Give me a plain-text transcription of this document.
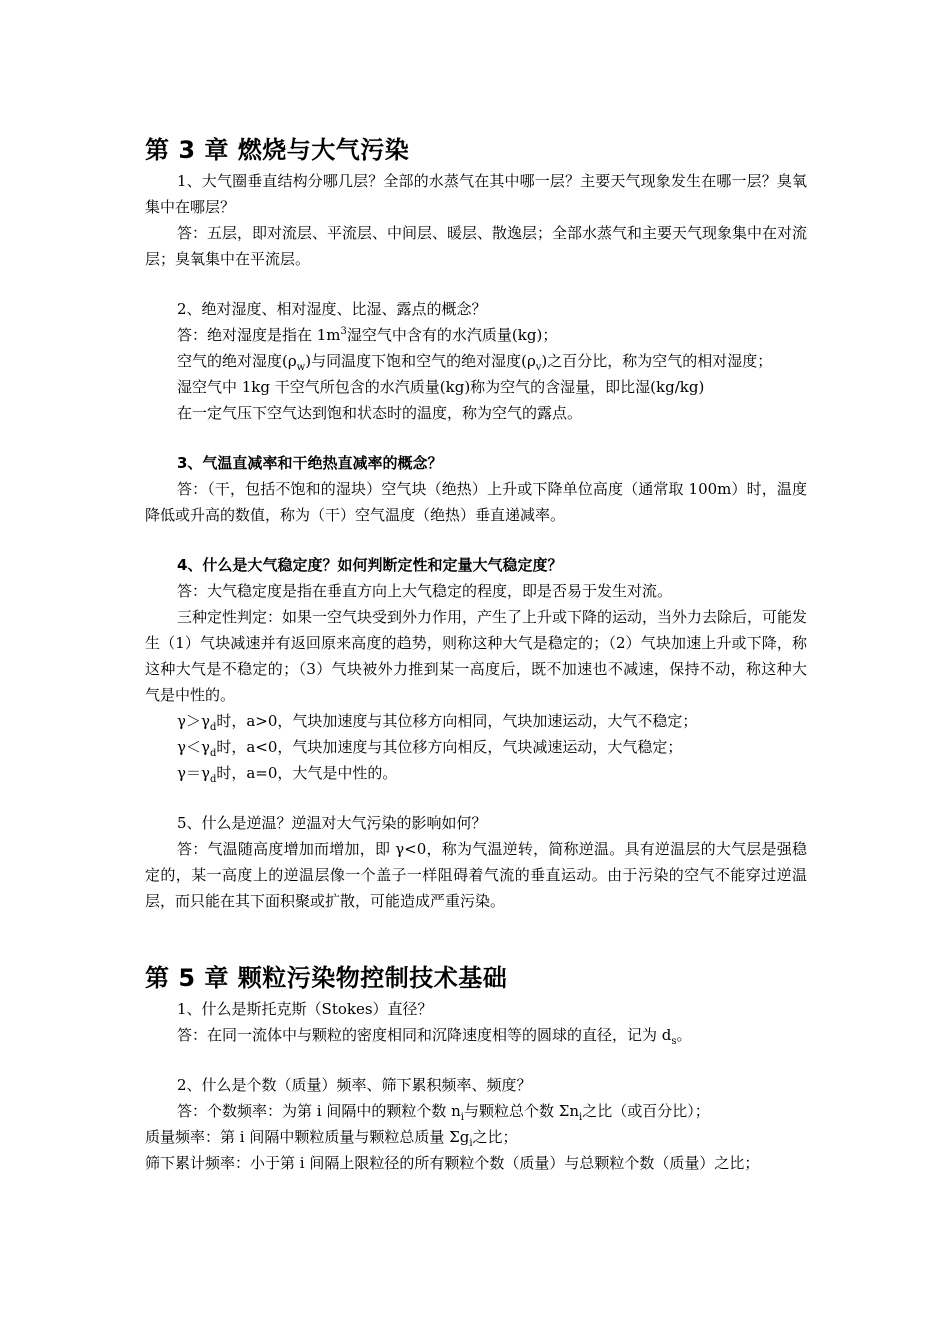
第 3 章 燃烧与大气污染

1、大气圈垂直结构分哪几层？全部的水蒸气在其中哪一层？主要天气现象发生在哪一层？臭氧集中在哪层？

答：五层，即对流层、平流层、中间层、暖层、散逸层；全部水蒸气和主要天气现象集中在对流层；臭氧集中在平流层。

2、绝对湿度、相对湿度、比湿、露点的概念？

答：绝对湿度是指在 $1m^3$湿空气中含有的水汽质量(kg)；

空气的绝对湿度$(\rho_w)$与同温度下饱和空气的绝对湿度$(\rho_v)$之百分比，称为空气的相对湿度；

湿空气中 1kg 干空气所包含的水汽质量(kg)称为空气的含湿量，即比湿(kg/kg)

在一定气压下空气达到饱和状态时的温度，称为空气的露点。

3、气温直减率和干绝热直减率的概念？

答：（干，包括不饱和的湿块）空气块（绝热）上升或下降单位高度（通常取 100m）时，温度降低或升高的数值，称为（干）空气温度（绝热）垂直递减率。

4、什么是大气稳定度？如何判断定性和定量大气稳定度？

答：大气稳定度是指在垂直方向上大气稳定的程度，即是否易于发生对流。

三种定性判定：如果一空气块受到外力作用，产生了上升或下降的运动，当外力去除后，可能发生（1）气块减速并有返回原来高度的趋势，则称这种大气是稳定的；（2）气块加速上升或下降，称这种大气是不稳定的；（3）气块被外力推到某一高度后，既不加速也不减速，保持不动，称这种大气是中性的。

$\gamma>\gamma_d$时，a>0，气块加速度与其位移方向相同，气块加速运动，大气不稳定；

$\gamma<\gamma_d$时，a<0，气块加速度与其位移方向相反，气块减速运动，大气稳定；

$\gamma=\gamma_d$时，a=0，大气是中性的。

5、什么是逆温？逆温对大气污染的影响如何？

答：气温随高度增加而增加，即 γ<0，称为气温逆转，简称逆温。具有逆温层的大气层是强稳定的，某一高度上的逆温层像一个盖子一样阻碍着气流的垂直运动。由于污染的空气不能穿过逆温层，而只能在其下面积聚或扩散，可能造成严重污染。

第 5 章 颗粒污染物控制技术基础

1、什么是斯托克斯（Stokes）直径？

答：在同一流体中与颗粒的密度相同和沉降速度相等的圆球的直径，记为 $d_s$。

2、什么是个数（质量）频率、筛下累积频率、频度？

答：个数频率：为第 i 间隔中的颗粒个数 $n_i$与颗粒总个数 $\Sigma n_i$之比（或百分比）；

质量频率：第 i 间隔中颗粒质量与颗粒总质量 $\Sigma g_i$之比；

筛下累计频率：小于第 i 间隔上限粒径的所有颗粒个数（质量）与总颗粒个数（质量）之比；
